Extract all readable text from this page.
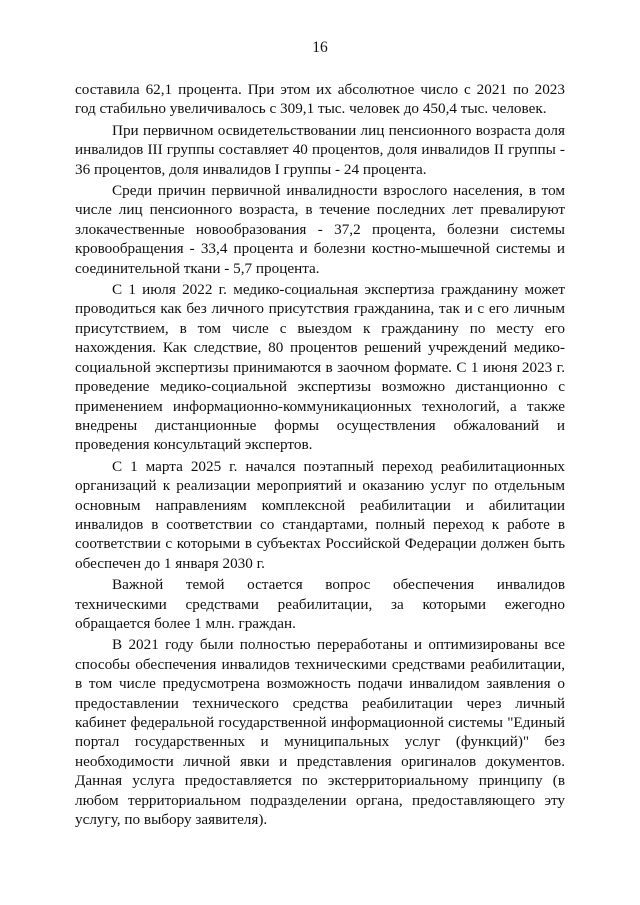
16

составила 62,1 процента. При этом их абсолютное число с 2021 по 2023 год стабильно увеличивалось с 309,1 тыс. человек до 450,4 тыс. человек.

При первичном освидетельствовании лиц пенсионного возраста доля инвалидов III группы составляет 40 процентов, доля инвалидов II группы - 36 процентов, доля инвалидов I группы - 24 процента.

Среди причин первичной инвалидности взрослого населения, в том числе лиц пенсионного возраста, в течение последних лет превалируют злокачественные новообразования - 37,2 процента, болезни системы кровообращения - 33,4 процента и болезни костно-мышечной системы и соединительной ткани - 5,7 процента.

С 1 июля 2022 г. медико-социальная экспертиза гражданину может проводиться как без личного присутствия гражданина, так и с его личным присутствием, в том числе с выездом к гражданину по месту его нахождения. Как следствие, 80 процентов решений учреждений медико-социальной экспертизы принимаются в заочном формате. С 1 июня 2023 г. проведение медико-социальной экспертизы возможно дистанционно с применением информационно-коммуникационных технологий, а также внедрены дистанционные формы осуществления обжалований и проведения консультаций экспертов.

С 1 марта 2025 г. начался поэтапный переход реабилитационных организаций к реализации мероприятий и оказанию услуг по отдельным основным направлениям комплексной реабилитации и абилитации инвалидов в соответствии со стандартами, полный переход к работе в соответствии с которыми в субъектах Российской Федерации должен быть обеспечен до 1 января 2030 г.

Важной темой остается вопрос обеспечения инвалидов техническими средствами реабилитации, за которыми ежегодно обращается более 1 млн. граждан.

В 2021 году были полностью переработаны и оптимизированы все способы обеспечения инвалидов техническими средствами реабилитации, в том числе предусмотрена возможность подачи инвалидом заявления о предоставлении технического средства реабилитации через личный кабинет федеральной государственной информационной системы "Единый портал государственных и муниципальных услуг (функций)" без необходимости личной явки и представления оригиналов документов. Данная услуга предоставляется по экстерриториальному принципу (в любом территориальном подразделении органа, предоставляющего эту услугу, по выбору заявителя).
